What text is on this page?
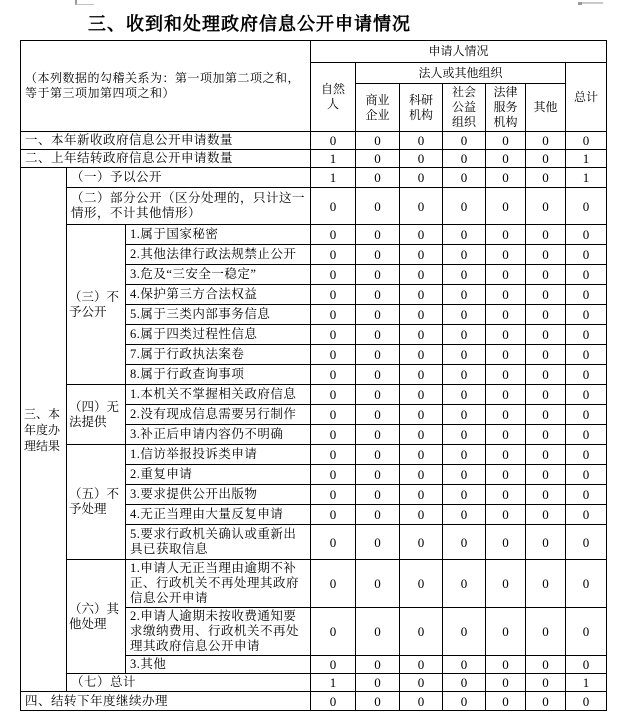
三、收到和处理政府信息公开申请情况
（本列数据的勾稽关系为：第一项加第二项之和，等于第三项加第四项之和）			申请人情况						
			自然人	法人或其他组织					总计
				商业企业	科研机构	社会公益组织	法律服务机构	其他	
一、本年新收政府信息公开申请数量			0	0	0	0	0	0	0
二、上年结转政府信息公开申请数量			1	0	0	0	0	0	1
三、本年度办理结果	（一）予以公开		1	0	0	0	0	0	1
	（二）部分公开（区分处理的，只计这一情形，不计其他情形）		0	0	0	0	0	0	0
	（三）不予公开	1.属于国家秘密	0	0	0	0	0	0	0
		2.其他法律行政法规禁止公开	0	0	0	0	0	0	0
		3.危及“三安全一稳定”	0	0	0	0	0	0	0
		4.保护第三方合法权益	0	0	0	0	0	0	0
		5.属于三类内部事务信息	0	0	0	0	0	0	0
		6.属于四类过程性信息	0	0	0	0	0	0	0
		7.属于行政执法案卷	0	0	0	0	0	0	0
		8.属于行政查询事项	0	0	0	0	0	0	0
	（四）无法提供	1.本机关不掌握相关政府信息	0	0	0	0	0	0	0
		2.没有现成信息需要另行制作	0	0	0	0	0	0	0
		3.补正后申请内容仍不明确	0	0	0	0	0	0	0
	（五）不予处理	1.信访举报投诉类申请	0	0	0	0	0	0	0
		2.重复申请	0	0	0	0	0	0	0
		3.要求提供公开出版物	0	0	0	0	0	0	0
		4.无正当理由大量反复申请	0	0	0	0	0	0	0
		5.要求行政机关确认或重新出具已获取信息	0	0	0	0	0	0	0
	（六）其他处理	1.申请人无正当理由逾期不补正、行政机关不再处理其政府信息公开申请	0	0	0	0	0	0	0
		2.申请人逾期未按收费通知要求缴纳费用、行政机关不再处理其政府信息公开申请	0	0	0	0	0	0	0
		3.其他	0	0	0	0	0	0	0
	（七）总计		1	0	0	0	0	0	1
四、结转下年度继续办理			0	0	0	0	0	0	0
